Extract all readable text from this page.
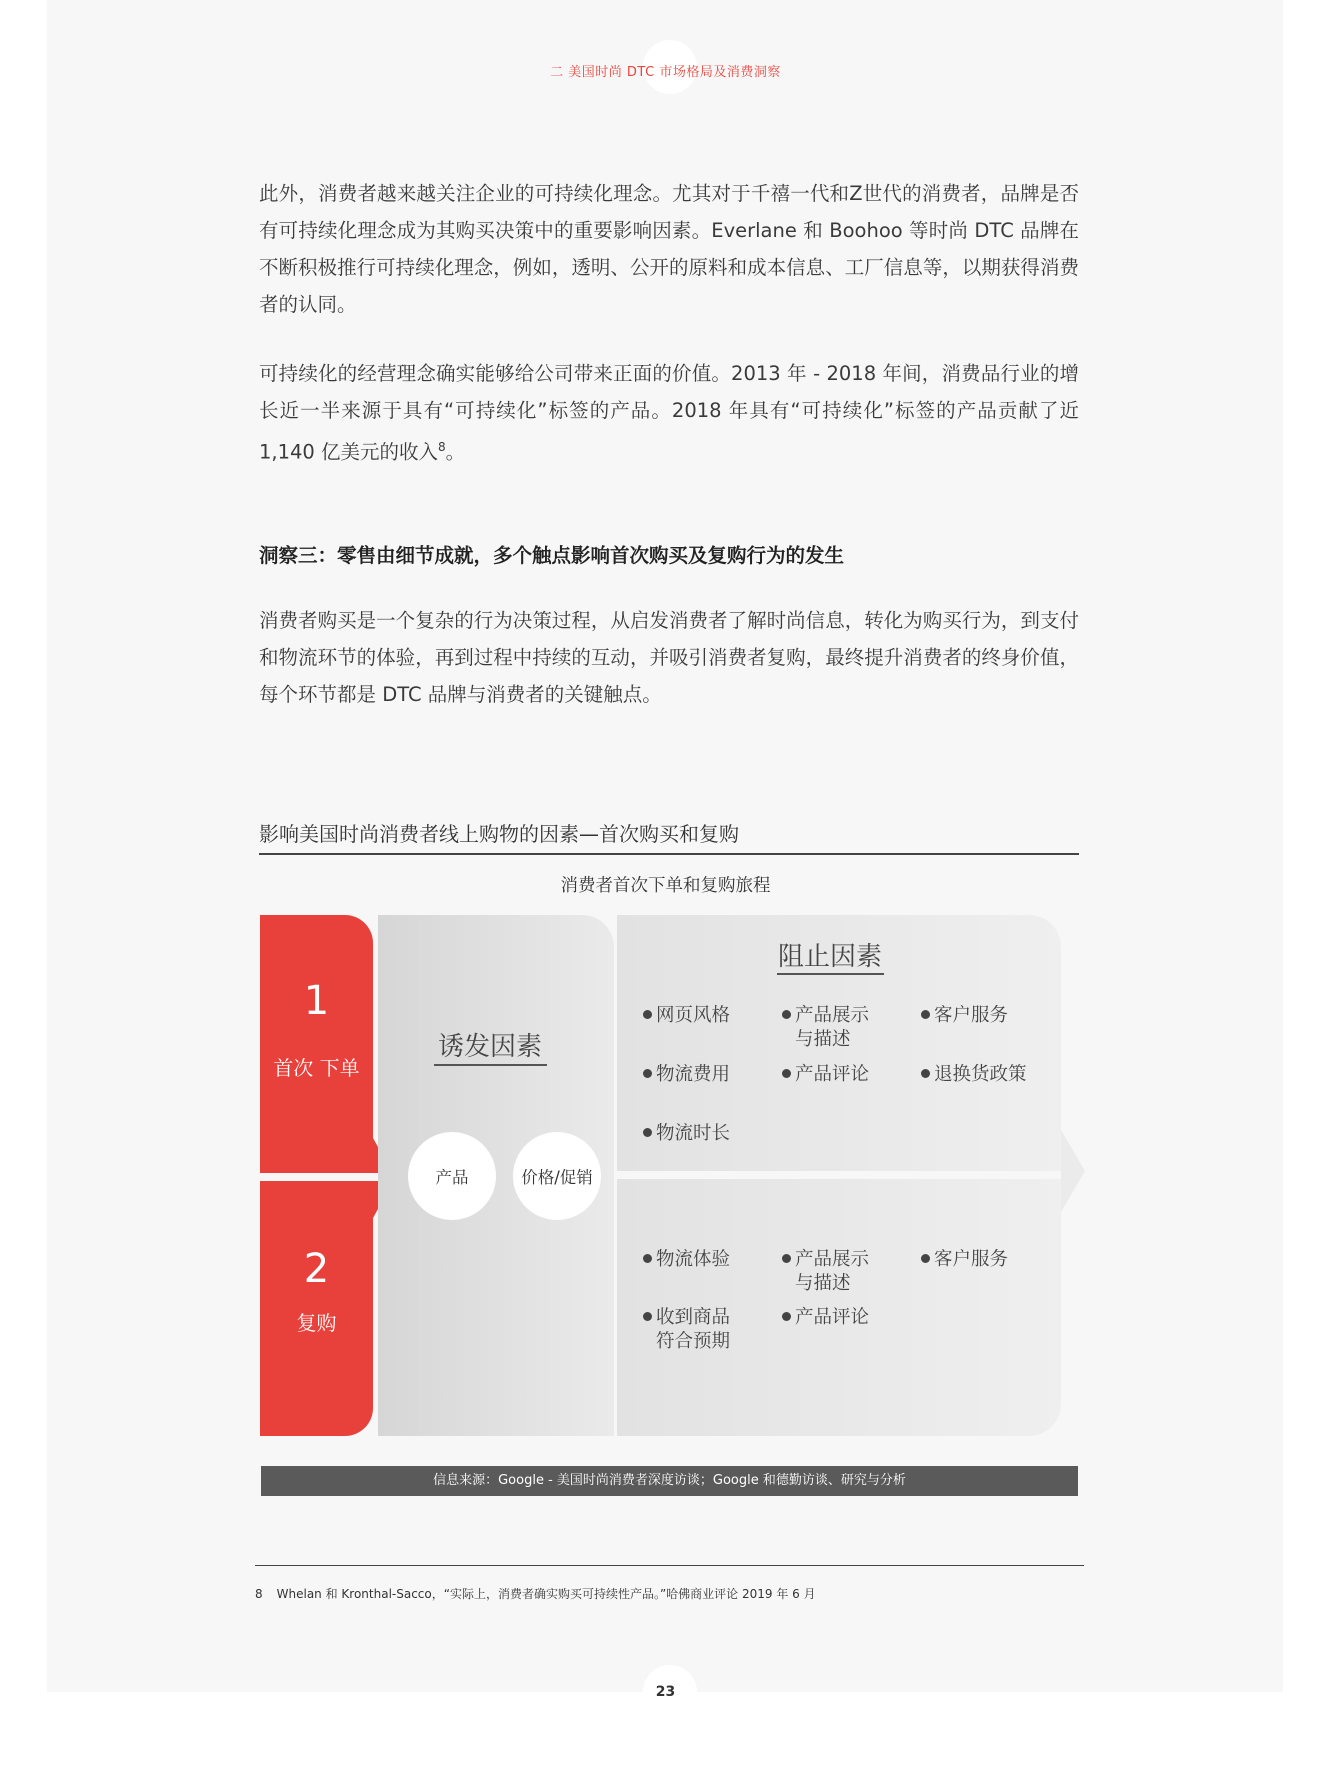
二 美国时尚 DTC 市场格局及消费洞察

此外，消费者越来越关注企业的可持续化理念。尤其对于千禧一代和Z世代的消费者，品牌是否有可持续化理念成为其购买决策中的重要影响因素。Everlane 和 Boohoo 等时尚 DTC 品牌在不断积极推行可持续化理念，例如，透明、公开的原料和成本信息、工厂信息等，以期获得消费者的认同。

可持续化的经营理念确实能够给公司带来正面的价值。2013 年 - 2018 年间，消费品行业的增长近一半来源于具有“可持续化”标签的产品。2018 年具有“可持续化”标签的产品贡献了近 1,140 亿美元的收入$^8$。

洞察三：零售由细节成就，多个触点影响首次购买及复购行为的发生

消费者购买是一个复杂的行为决策过程，从启发消费者了解时尚信息，转化为购买行为，到支付和物流环节的体验，再到过程中持续的互动，并吸引消费者复购，最终提升消费者的终身价值，每个环节都是 DTC 品牌与消费者的关键触点。

影响美国时尚消费者线上购物的因素—首次购买和复购
消费者首次下单和复购旅程
1
首次 下单
2
复购
诱发因素
阻止因素
产品	价格/促销
网页风格	产品展示
与描述
客户服务
物流费用	产品评论	退换货政策
物流时长
物流体验	产品展示
与描述
客户服务
收到商品
符合预期
产品评论
信息来源：Google - 美国时尚消费者深度访谈；Google 和德勤访谈、研究与分析
8 Whelan 和 Kronthal-Sacco，“实际上，消费者确实购买可持续性产品。”哈佛商业评论 2019 年 6 月
23
